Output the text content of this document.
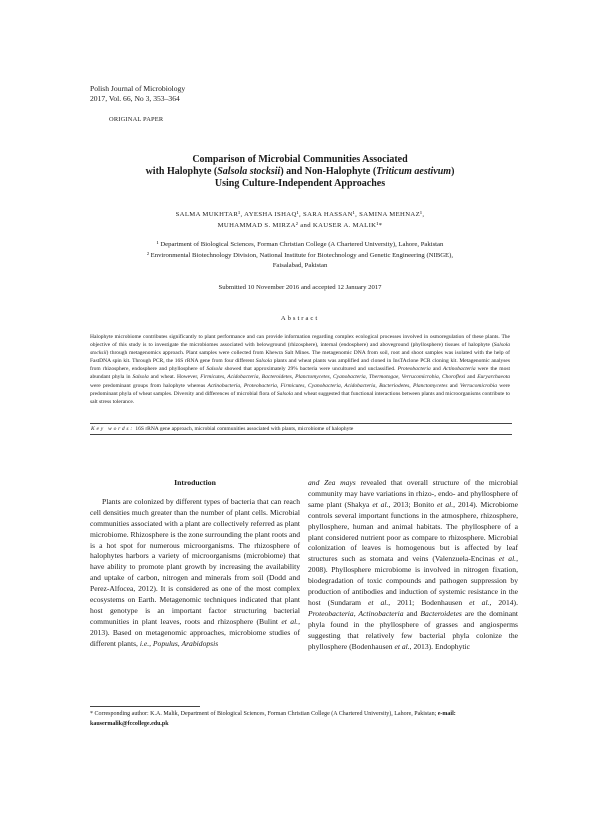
Polish Journal of Microbiology
2017, Vol. 66, No 3, 353–364
ORIGINAL PAPER
Comparison of Microbial Communities Associated
with Halophyte (Salsola stocksii) and Non-Halophyte (Triticum aestivum)
Using Culture-Independent Approaches
SALMA MUKHTAR¹, AYESHA ISHAQ¹, SARA HASSAN¹, SAMINA MEHNAZ¹,
MUHAMMAD S. MIRZA² and KAUSER A. MALIK¹*

¹ Department of Biological Sciences, Forman Christian College (A Chartered University), Lahore, Pakistan

² Environmental Biotechnology Division, National Institute for Biotechnology and Genetic Engineering (NIBGE),

Faisalabad, Pakistan

Submitted 10 November 2016 and accepted 12 January 2017
Abstract
Halophyte microbiome contributes significantly to plant performance and can provide information regarding complex ecological processes involved in osmoregulation of these plants. The objective of this study is to investigate the microbiomes associated with belowground (rhizosphere), internal (endosphere) and aboveground (phyllosphere) tissues of halophyte (Salsola stocksii) through metagenomics approach. Plant samples were collected from Khewra Salt Mines. The metagenomic DNA from soil, root and shoot samples was isolated with the help of FastDNA spin kit. Through PCR, the 16S rRNA gene from four different Salsola plants and wheat plants was amplified and cloned in InsTAclone PCR cloning kit. Metagenomic analyses from rhizosphere, endosphere and phyllosphere of Salsola showed that approximately 29% bacteria were uncultured and unclassified. Proteobacteria and Actinobacteria were the most abundant phyla in Salsola and wheat. However, Firmicutes, Acidobacteria, Bacteroidetes, Planctomycetes, Cyanobacteria, Thermotogae, Verrucomicrobia, Choroflexi and Euryarchaeota were predominant groups from halophyte whereas Actinobacteria, Proteobacteria, Firmicutes, Cyanobacteria, Acidobacteria, Bacteriodetes, Planctomycetes and Verrucomicrobia were predominant phyla of wheat samples. Diversity and differences of microbial flora of Salsola and wheat suggested that functional interactions between plants and microorganisms contribute to salt stress tolerance.
Key words: 16S rRNA gene approach, microbial communities associated with plants, microbiome of halophyte

Introduction

Plants are colonized by different types of bacteria that can reach cell densities much greater than the number of plant cells. Microbial communities associated with a plant are collectively referred as plant microbiome. Rhizosphere is the zone surrounding the plant roots and is a hot spot for numerous microorganisms. The rhizosphere of halophytes harbors a variety of microorganisms (microbiome) that have ability to promote plant growth by increasing the availability and uptake of carbon, nitrogen and minerals from soil (Dodd and Perez-Alfocea, 2012). It is considered as one of the most complex ecosystems on Earth. Metagenomic techniques indicated that plant host genotype is an important factor structuring bacterial communities in plant leaves, roots and rhizosphere (Bulint et al., 2013). Based on metagenomic approaches, microbiome studies of different plants, i.e., Populus, Arabidopsis

and Zea mays revealed that overall structure of the microbial community may have variations in rhizo-, endo- and phyllosphere of same plant (Shakya et al., 2013; Bonito et al., 2014). Microbiome controls several important functions in the atmosphere, rhizosphere, phyllosphere, human and animal habitats. The phyllosphere of a plant considered nutrient poor as compare to rhizosphere. Microbial colonization of leaves is homogenous but is affected by leaf structures such as stomata and veins (Valenzuela-Encinas et al., 2008). Phyllosphere microbiome is involved in nitrogen fixation, biodegradation of toxic compounds and pathogen suppression by production of antibodies and induction of systemic resistance in the host (Sundaram et al., 2011; Bodenhausen et al., 2014). Proteobacteria, Actinobacteria and Bacteroidetes are the dominant phyla found in the phyllosphere of grasses and angiosperms suggesting that relatively few bacterial phyla colonize the phyllosphere (Bodenhausen et al., 2013). Endophytic

* Corresponding author: K.A. Malik, Department of Biological Sciences, Forman Christian College (A Chartered University), Lahore, Pakistan; e-mail: kausermalik@fccollege.edu.pk
